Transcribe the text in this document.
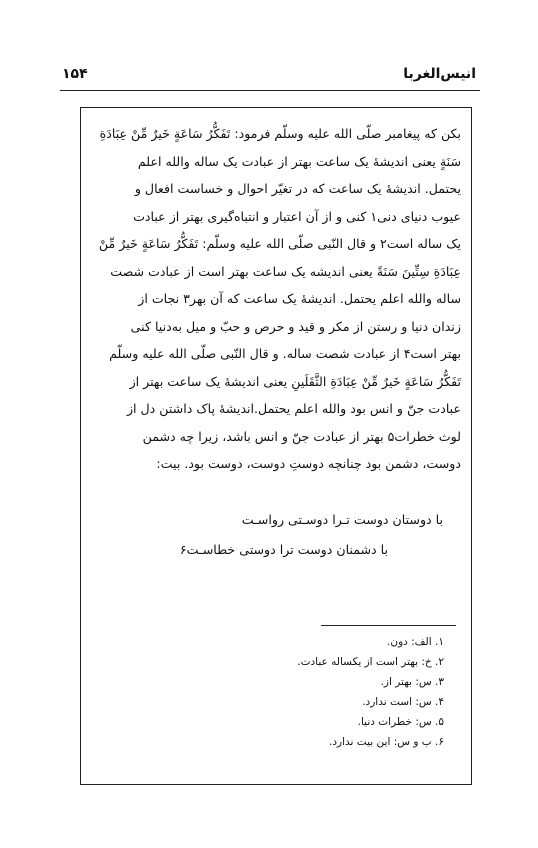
انیس‌الغربا
۱۵۴
بکن که پیغامبر صلّی الله علیه وسلّم فرمود: تَفَکُّرُ سَاعَةٍ خَیرٌ مِّنْ عِبَادَةِ
سَنَةٍ یعنی اندیشهٔ یک ساعت بهتر از عبادت یک ساله والله اعلم
یحتمل. اندیشهٔ یک ساعت که در تغیّر احوال و خساست افعال و
عیوب دنیای دنی۱ کنی و از آن اعتبار و انتباه‌گیری بهتر از عبادت
یک ساله است۲ و قال النّبی صلّی الله علیه وسلّم: تَفَکُّرُ سَاعَةٍ خَیرٌ مِّنْ
عِبَادَةِ سِتِّینَ سَنَةً یعنی اندیشه یک ساعت بهتر است از عبادت شصت
ساله والله اعلم یحتمل. اندیشهٔ یک ساعت که آن بهر۳ نجات از
زندان دنیا و رستن از مکر و قید و حرص و حبّ و میل به‌دنیا کنی
بهتر است۴ از عبادت شصت ساله. و قال النّبی صلّی الله علیه وسلّم
تَفَکُّرُ سَاعَةٍ خَیرٌ مِّنْ عِبَادَةِ الثَّقَلَینِ یعنی اندیشهٔ یک ساعت بهتر از
عبادت جنّ و انس بود والله اعلم یحتمل.اندیشهٔ پاک داشتن دل از
لوث خطرات۵ بهتر از عبادت جنّ و انس باشد، زیرا چه دشمن
دوست، دشمن بود چنانچه دوستِ دوست، دوست بود. بیت:
با دوستان دوست تـرا دوسـتی رواسـت
با دشمنان دوست ترا دوستی خطاسـت۶
۱. الف: دون.
۲. خ: بهتر است از یکساله عبادت.
۳. س: بهتر از.
۴. س: است ندارد.
۵. س: خطرات دنیا.
۶. ب و س: این بیت ندارد.
